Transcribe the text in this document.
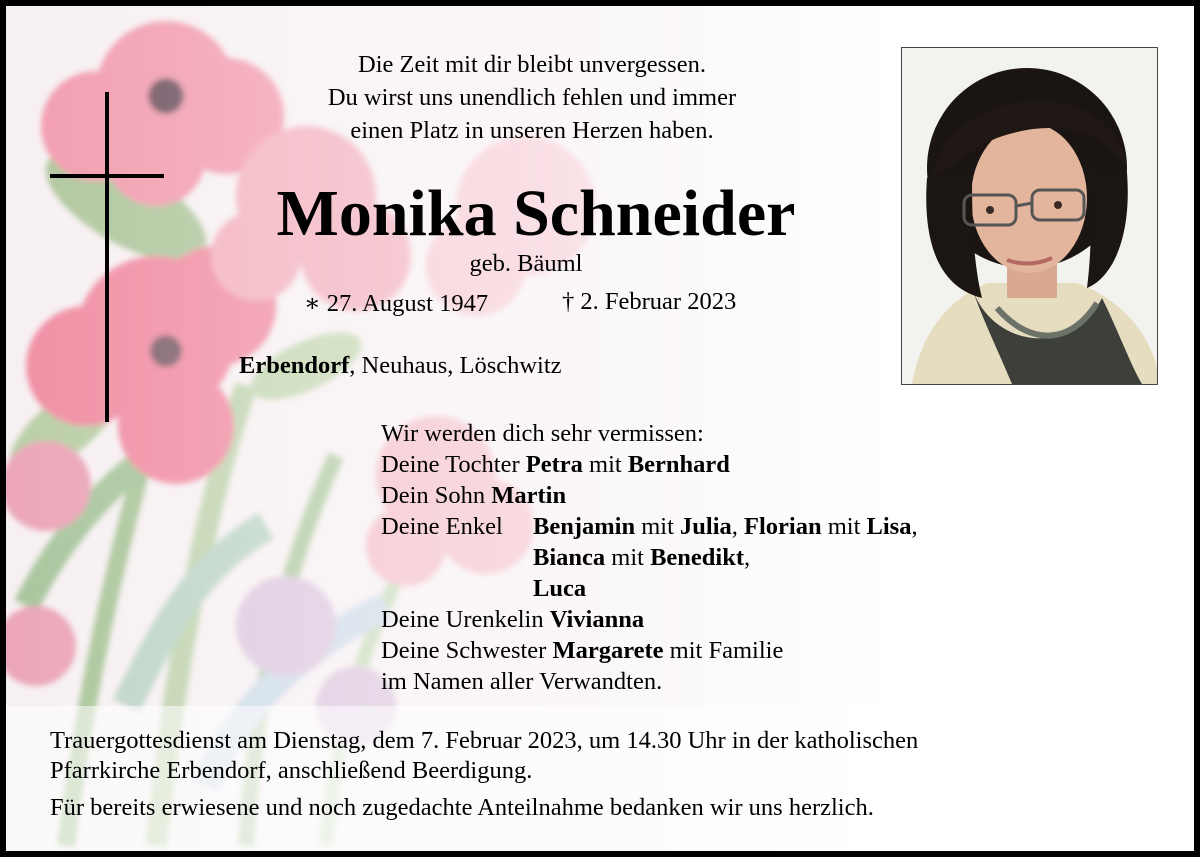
Die Zeit mit dir bleibt unvergessen.
Du wirst uns unendlich fehlen und immer
einen Platz in unseren Herzen haben.
Monika Schneider
geb. Bäuml
∗ 27. August 1947	† 2. Februar 2023
Erbendorf, Neuhaus, Löschwitz
Wir werden dich sehr vermissen:
Deine Tochter Petra mit Bernhard
Dein Sohn Martin
Deine EnkelBenjamin mit Julia, Florian mit Lisa,
Bianca mit Benedikt,
Luca
Deine Urenkelin Vivianna
Deine Schwester Margarete mit Familie
im Namen aller Verwandten.
Trauergottesdienst am Dienstag, dem 7. Februar 2023, um 14.30 Uhr in der katholischen
Pfarrkirche Erbendorf, anschließend Beerdigung.
Für bereits erwiesene und noch zugedachte Anteilnahme bedanken wir uns herzlich.
